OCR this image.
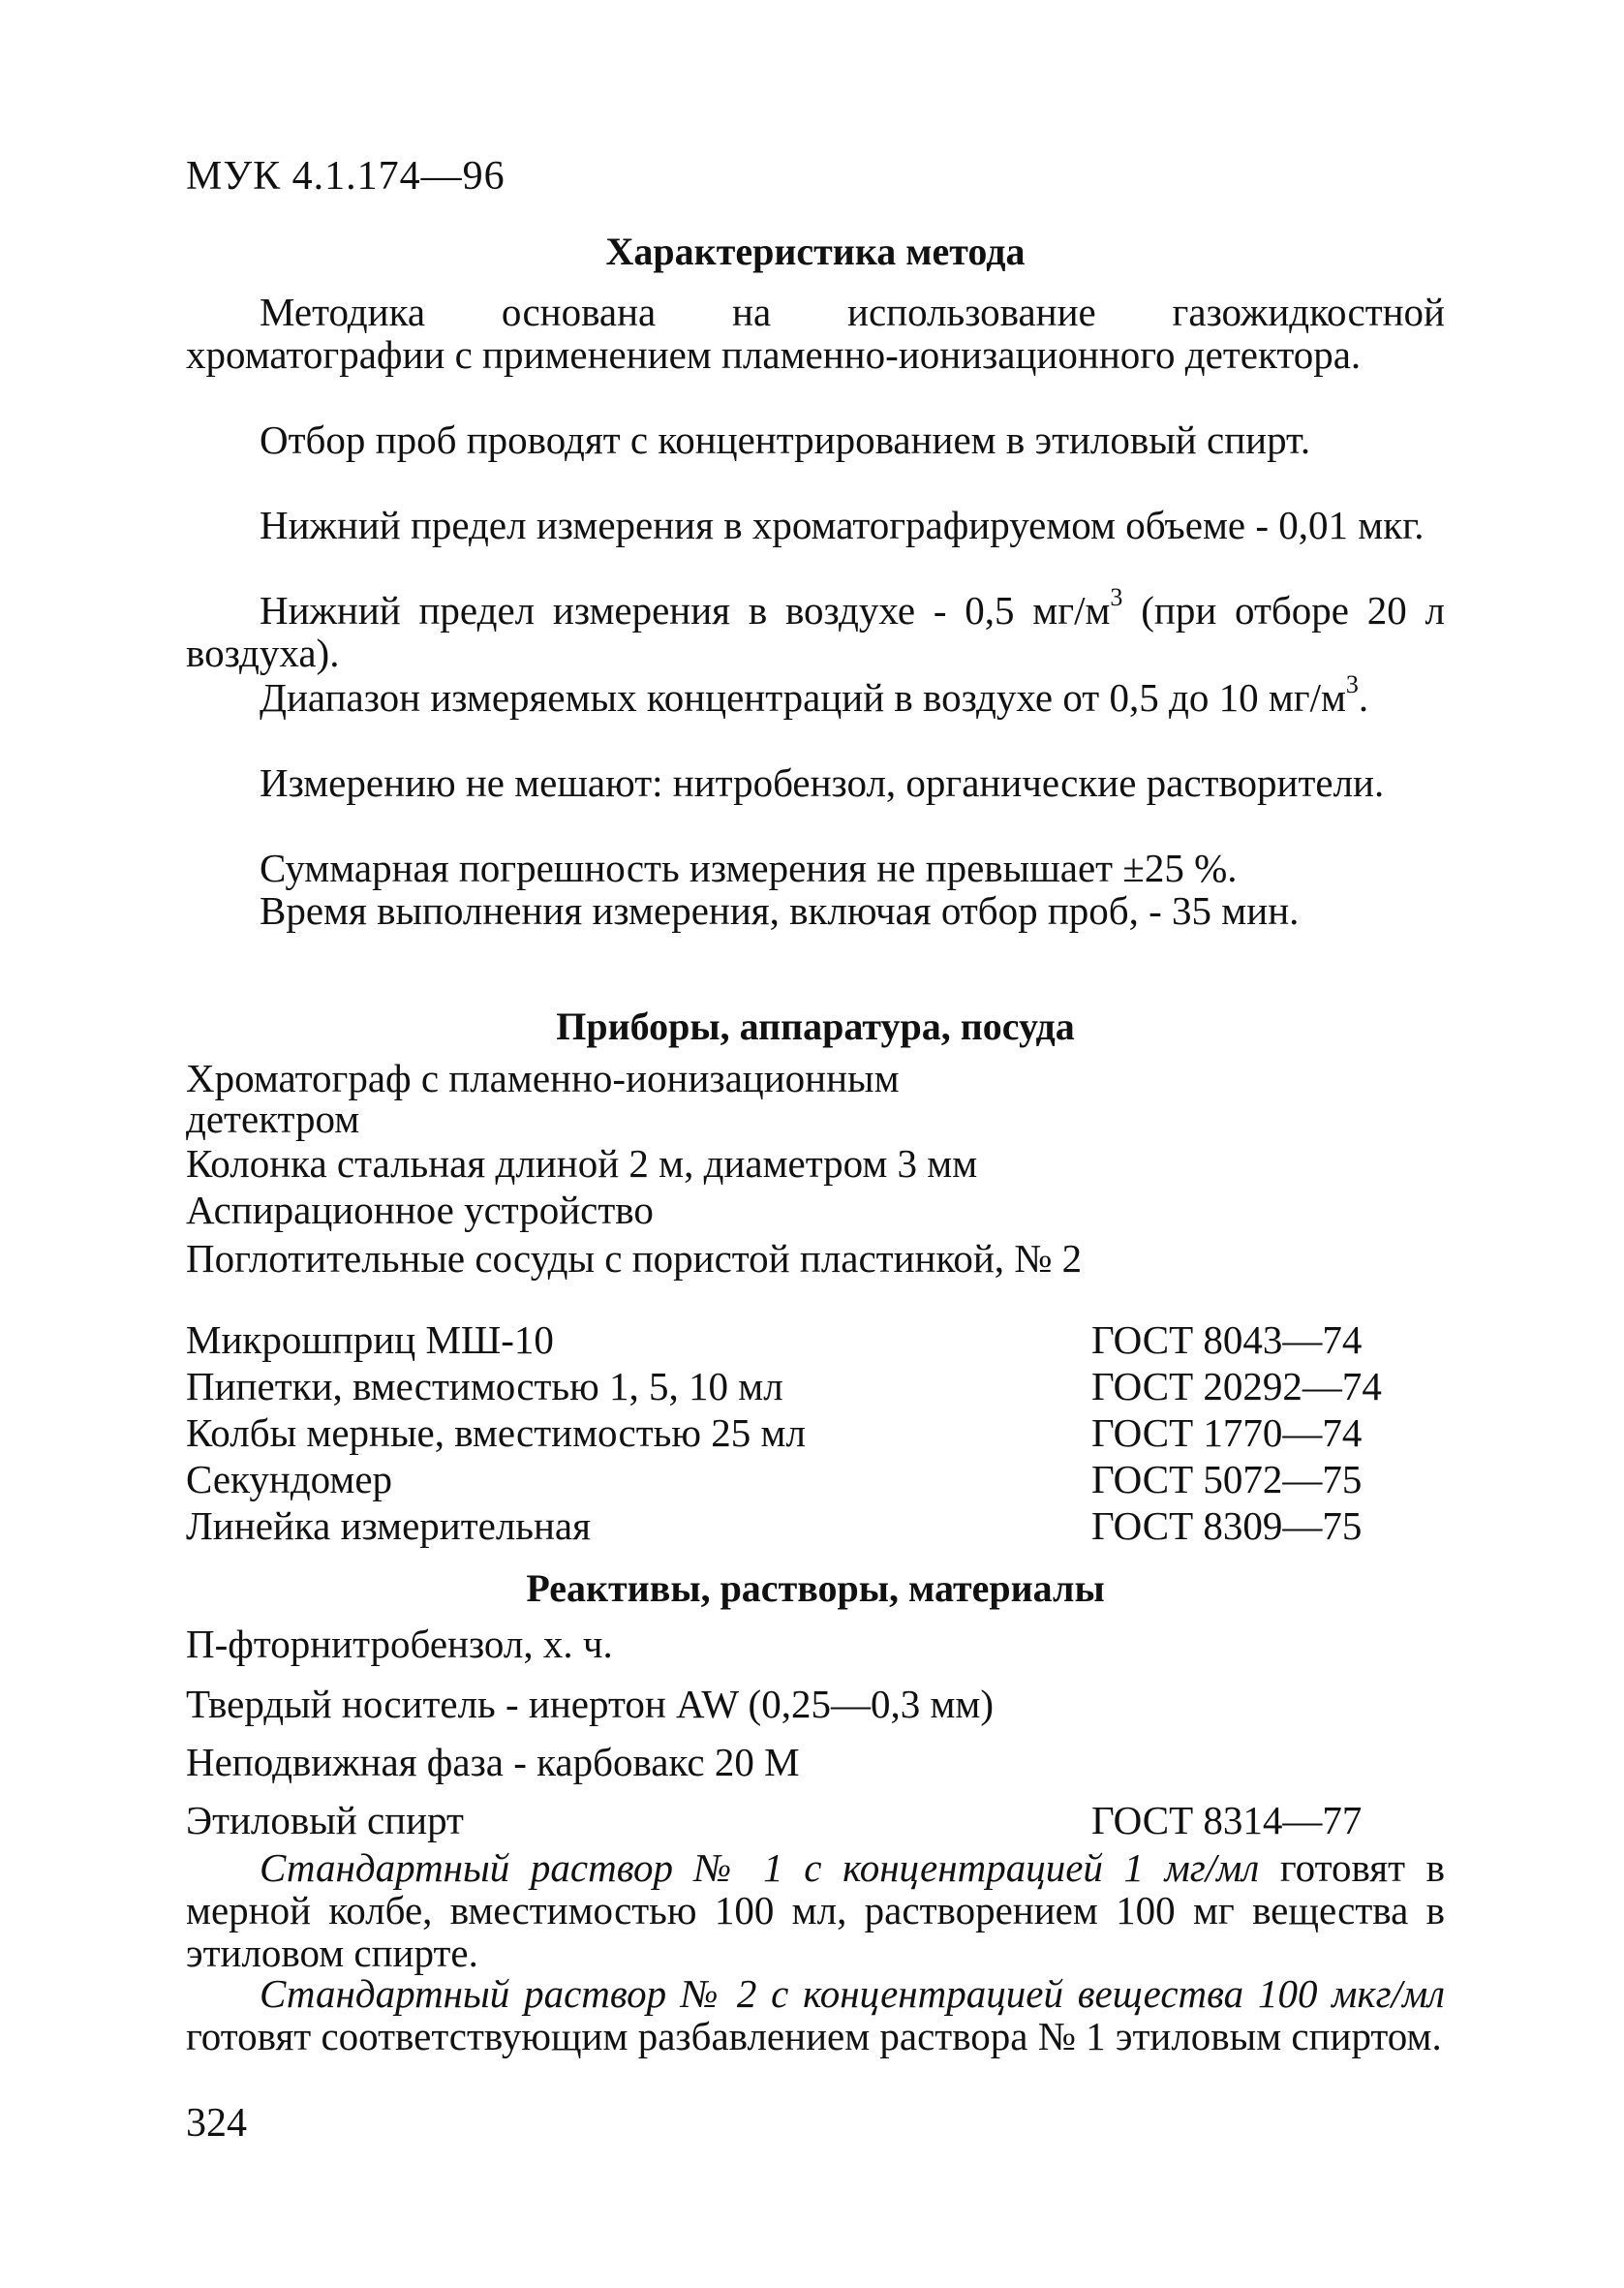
МУК 4.1.174—96
Характеристика метода
Методика основана на использование газожидкостной хроматографии с применением пламенно-ионизационного детектора.
Отбор проб проводят с концентрированием в этиловый спирт.
Нижний предел измерения в хроматографируемом объеме - 0,01 мкг.
Нижний предел измерения в воздухе - 0,5 $мг/м^3$ (при отборе 20 л воздуха).
Диапазон измеряемых концентраций в воздухе от 0,5 до 10 $мг/м^3$.
Измерению не мешают: нитробензол, органические растворители.
Суммарная погрешность измерения не превышает ±25 %.
Время выполнения измерения, включая отбор проб, - 35 мин.
Приборы, аппаратура, посуда
Хроматограф с пламенно-ионизационным детектром
Колонка стальная длиной 2 м, диаметром 3 мм
Аспирационное устройство
Поглотительные сосуды с пористой пластинкой, № 2
Микрошприц МШ-10	ГОСТ 8043—74
Пипетки, вместимостью 1, 5, 10 мл	ГОСТ 20292—74
Колбы мерные, вместимостью 25 мл	ГОСТ 1770—74
Секундомер	ГОСТ 5072—75
Линейка измерительная	ГОСТ 8309—75
Реактивы, растворы, материалы
П-фторнитробензол, х. ч.
Твердый носитель - инертон AW (0,25—0,3 мм)
Неподвижная фаза - карбовакс 20 М
Этиловый спирт	ГОСТ 8314—77
Стандартный раствор № 1 с концентрацией 1 мг/мл готовят в мерной колбе, вместимостью 100 мл, растворением 100 мг вещества в этиловом спирте.
Стандартный раствор № 2 с концентрацией вещества 100 мкг/мл готовят соответствующим разбавлением раствора № 1 этиловым спиртом.
324
